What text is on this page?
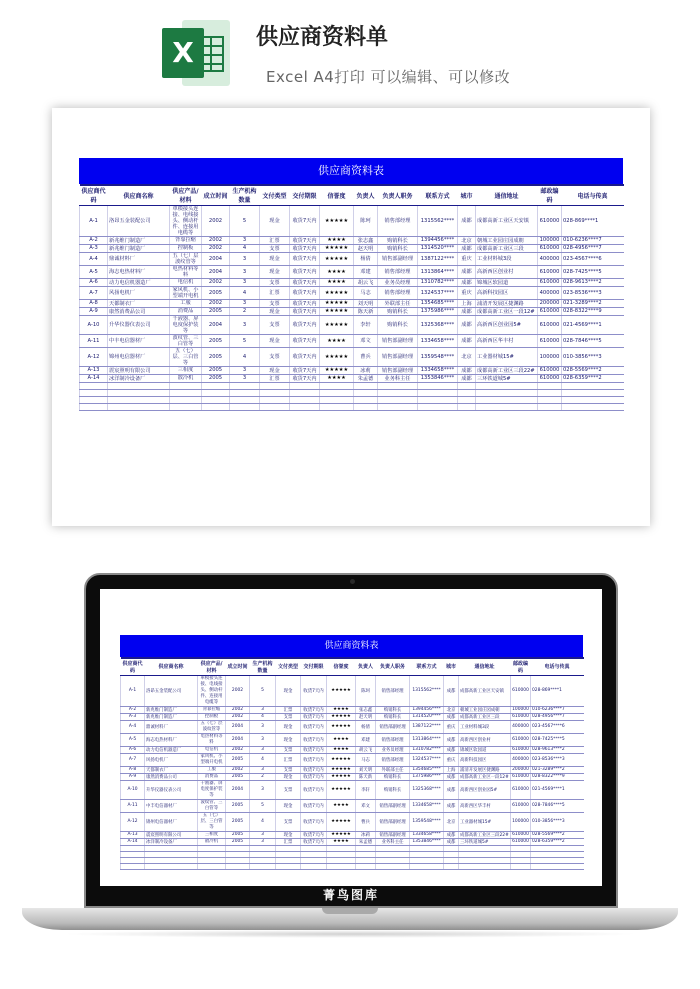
X	供应商资料单
Excel A4打印 可以编辑、可以修改
供应商资料表
供应商代码	供应商名称	供应产品/材料	成立时间	生产机构数量	文付类型	交付期限	信誉度	负责人	负责人职务	联系方式	城市	通信地址	邮政编码	电话与传真
A-1	洛昂五金装配公司	車模接头连接、电线接头、侧动杆件、连接用电缆等	2002	5	现金	收货7天内	★★★★★	陈珂	销售部经理	1315562****	成都	成都高新工业区天安镇	610000	028-869****1
A-2	新兆维门制造厂	背靠拉缩	2002	3	汇票	收货7天内	★★★★	张志鑫	购销科长	1394456****	北京	朝城工业园庄园成朝	100000	010-6236****7
A-3	新兆维门制造厂	控制板	2002	4	支票	收货7天内	★★★★★	赵天明	购销科长	1314520****	成都	成都高新工业区三段	610000	028-4956****7
A-4	鼎诚材料厂	五（七）层波纹管等	2004	3	现金	收货7天内	★★★★★	杨倩	销售部副经理	1387122****	重庆	工业材料城3段	400000	023-4567****6
A-5	海志电热材料厂	电热材料等料	2004	3	现金	收货7天内	★★★★	邓建	销售部经理	1313864****	成都	高新西区创业村	610000	028-7425****5
A-6	动力电信机器造厂	电信机	2002	3	支票	收货7天内	★★★★	胡云飞	业务员经理	1310782****	成都	锦城区软园道	610000	028-9613****2
A-7	风扬电机厂	家风机、小型端开电机	2005	4	汇票	收货7天内	★★★★★	马志	销售部经理	1324537****	重庆	高新科技园区	400000	023-8536****3
A-8	天都制衣厂	工服	2002	3	支票	收货7天内	★★★★★	刘天明	外联部主任	1354685****	上海	浦清开发展区捷渊路	200000	021-3289****2
A-9	康然消费品公司	消费品	2005	2	现金	收货7天内	★★★★★	陈天新	购销科长	1375986****	成都	成都高新工业区一段12#	610000	028-8322****9
A-10	升华仪器仪表公司	千液器、屏电度保护装等	2004	3	支票	收货7天内	★★★★★	李轩	购销科长	1325368****	成都	高新西区创业园5#	610000	021-4569****1
A-11	中丰电信器材厂	波纹管、三白管等	2005	5	现金	收货7天内	★★★★	邓文	销售部副经理	1334658****	成都	高新西区华丰村	610000	028-7846****5
A-12	锦州电信器材厂	五（七）层、三白管等	2005	4	支票	收货7天内	★★★★★	曹兵	销售部副经理	1359548****	北京	工业器材城15#	100000	010-3856****3
A-13	震宸照明有限公司	三相度	2005	3	现金	收货7天内	★★★★★	冰莉	销售部副经理	1334658****	成都	成都高新工业区三段22#	610000	028-5569****2
A-14	冰洋制冷设备厂	散冷机	2005	3	汇票	收货7天内	★★★★	朱孟德	业务科主任	1353846****	成都	三环铁道城5#	610000	028-6359****2

供应商资料表
供应商代码	供应商名称	供应产品/材料	成立时间	生产机构数量	文付类型	交付期限	信誉度	负责人	负责人职务	联系方式	城市	通信地址	邮政编码	电话与传真
A-1	洛昂五金装配公司	車模接头连接、电线接头、侧动杆件、连接用电缆等	2002	5	现金	收货7天内	★★★★★	陈珂	销售部经理	1315562****	成都	成都高新工业区天安镇	610000	028-869****1
A-2	新兆维门制造厂	背靠拉缩	2002	3	汇票	收货7天内	★★★★	张志鑫	购销科长	1394456****	北京	朝城工业园庄园成朝	100000	010-6236****7
A-3	新兆维门制造厂	控制板	2002	4	支票	收货7天内	★★★★★	赵天明	购销科长	1314520****	成都	成都高新工业区三段	610000	028-4956****7
A-4	鼎诚材料厂	五（七）层波纹管等	2004	3	现金	收货7天内	★★★★★	杨倩	销售部副经理	1387122****	重庆	工业材料城3段	400000	023-4567****6
A-5	海志电热材料厂	电热材料等料	2004	3	现金	收货7天内	★★★★	邓建	销售部经理	1313864****	成都	高新西区创业村	610000	028-7425****5
A-6	动力电信机器造厂	电信机	2002	3	支票	收货7天内	★★★★	胡云飞	业务员经理	1310782****	成都	锦城区软园道	610000	028-9613****2
A-7	风扬电机厂	家风机、小型端开电机	2005	4	汇票	收货7天内	★★★★★	马志	销售部经理	1324537****	重庆	高新科技园区	400000	023-8536****3
A-8	天都制衣厂	工服	2002	3	支票	收货7天内	★★★★★	刘天明	外联部主任	1354685****	上海	浦清开发展区捷渊路	200000	021-3289****2
A-9	康然消费品公司	消费品	2005	2	现金	收货7天内	★★★★★	陈天新	购销科长	1375986****	成都	成都高新工业区一段12#	610000	028-8322****9
A-10	升华仪器仪表公司	千液器、屏电度保护装等	2004	3	支票	收货7天内	★★★★★	李轩	购销科长	1325368****	成都	高新西区创业园5#	610000	021-4569****1
A-11	中丰电信器材厂	波纹管、三白管等	2005	5	现金	收货7天内	★★★★	邓文	销售部副经理	1334658****	成都	高新西区华丰村	610000	028-7846****5
A-12	锦州电信器材厂	五（七）层、三白管等	2005	4	支票	收货7天内	★★★★★	曹兵	销售部副经理	1359548****	北京	工业器材城15#	100000	010-3856****3
A-13	震宸照明有限公司	三相度	2005	3	现金	收货7天内	★★★★★	冰莉	销售部副经理	1334658****	成都	成都高新工业区三段22#	610000	028-5569****2
A-14	冰洋制冷设备厂	散冷机	2005	3	汇票	收货7天内	★★★★	朱孟德	业务科主任	1353846****	成都	三环铁道城5#	610000	028-6359****2

菁鸟图库
